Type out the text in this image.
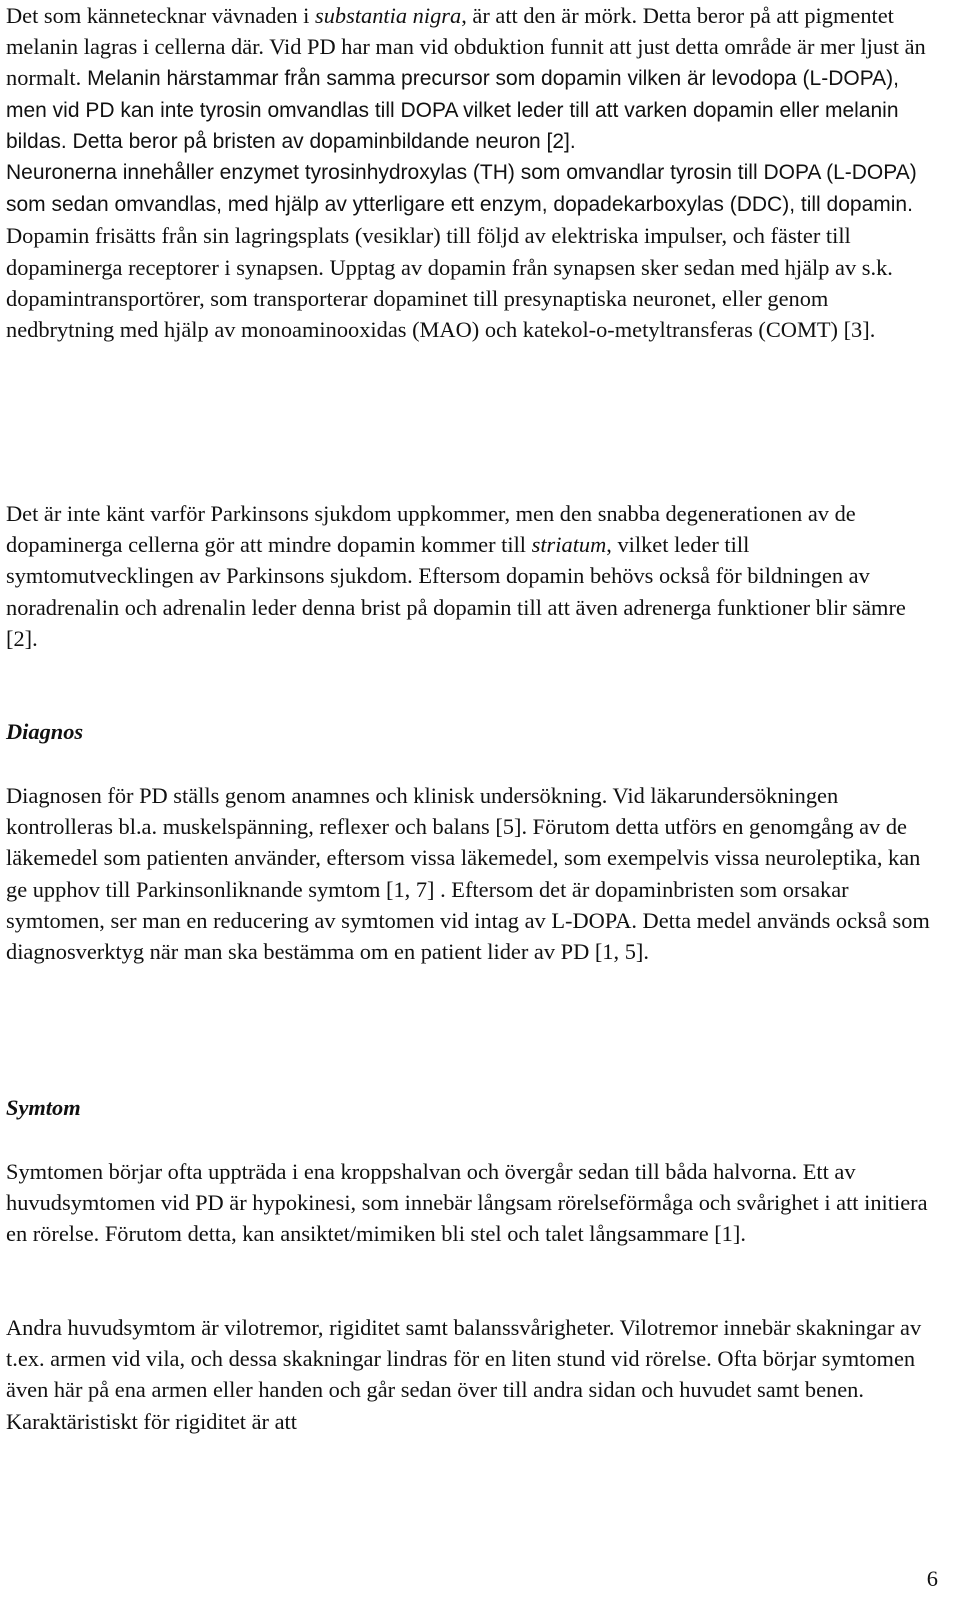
Det som kännetecknar vävnaden i substantia nigra, är att den är mörk. Detta beror på att pigmentet melanin lagras i cellerna där. Vid PD har man vid obduktion funnit att just detta område är mer ljust än normalt. Melanin härstammar från samma precursor som dopamin vilken är levodopa (L-DOPA), men vid PD kan inte tyrosin omvandlas till DOPA vilket leder till att varken dopamin eller melanin bildas. Detta beror på bristen av dopaminbildande neuron [2].
Neuronerna innehåller enzymet tyrosinhydroxylas (TH) som omvandlar tyrosin till DOPA (L-DOPA) som sedan omvandlas, med hjälp av ytterligare ett enzym, dopadekarboxylas (DDC), till dopamin. Dopamin frisätts från sin lagringsplats (vesiklar) till följd av elektriska impulser, och fäster till dopaminerga receptorer i synapsen. Upptag av dopamin från synapsen sker sedan med hjälp av s.k. dopamintransportörer, som transporterar dopaminet till presynaptiska neuronet, eller genom nedbrytning med hjälp av monoaminooxidas (MAO) och katekol-o-metyltransferas (COMT) [3].

Det är inte känt varför Parkinsons sjukdom uppkommer, men den snabba degenerationen av de dopaminerga cellerna gör att mindre dopamin kommer till striatum, vilket leder till symtomutvecklingen av Parkinsons sjukdom. Eftersom dopamin behövs också för bildningen av noradrenalin och adrenalin leder denna brist på dopamin till att även adrenerga funktioner blir sämre [2].

Diagnos

Diagnosen för PD ställs genom anamnes och klinisk undersökning. Vid läkarundersökningen kontrolleras bl.a. muskelspänning, reflexer och balans [5]. Förutom detta utförs en genomgång av de läkemedel som patienten använder, eftersom vissa läkemedel, som exempelvis vissa neuroleptika, kan ge upphov till Parkinsonliknande symtom [1, 7] . Eftersom det är dopaminbristen som orsakar symtomen, ser man en reducering av symtomen vid intag av L-DOPA. Detta medel används också som diagnosverktyg när man ska bestämma om en patient lider av PD [1, 5].

Symtom

Symtomen börjar ofta uppträda i ena kroppshalvan och övergår sedan till båda halvorna. Ett av huvudsymtomen vid PD är hypokinesi, som innebär långsam rörelseförmåga och svårighet i att initiera en rörelse. Förutom detta, kan ansiktet/mimiken bli stel och talet långsammare [1].

Andra huvudsymtom är vilotremor, rigiditet samt balanssvårigheter. Vilotremor innebär skakningar av t.ex. armen vid vila, och dessa skakningar lindras för en liten stund vid rörelse. Ofta börjar symtomen även här på ena armen eller handen och går sedan över till andra sidan och huvudet samt benen. Karaktäristiskt för rigiditet är att

6
